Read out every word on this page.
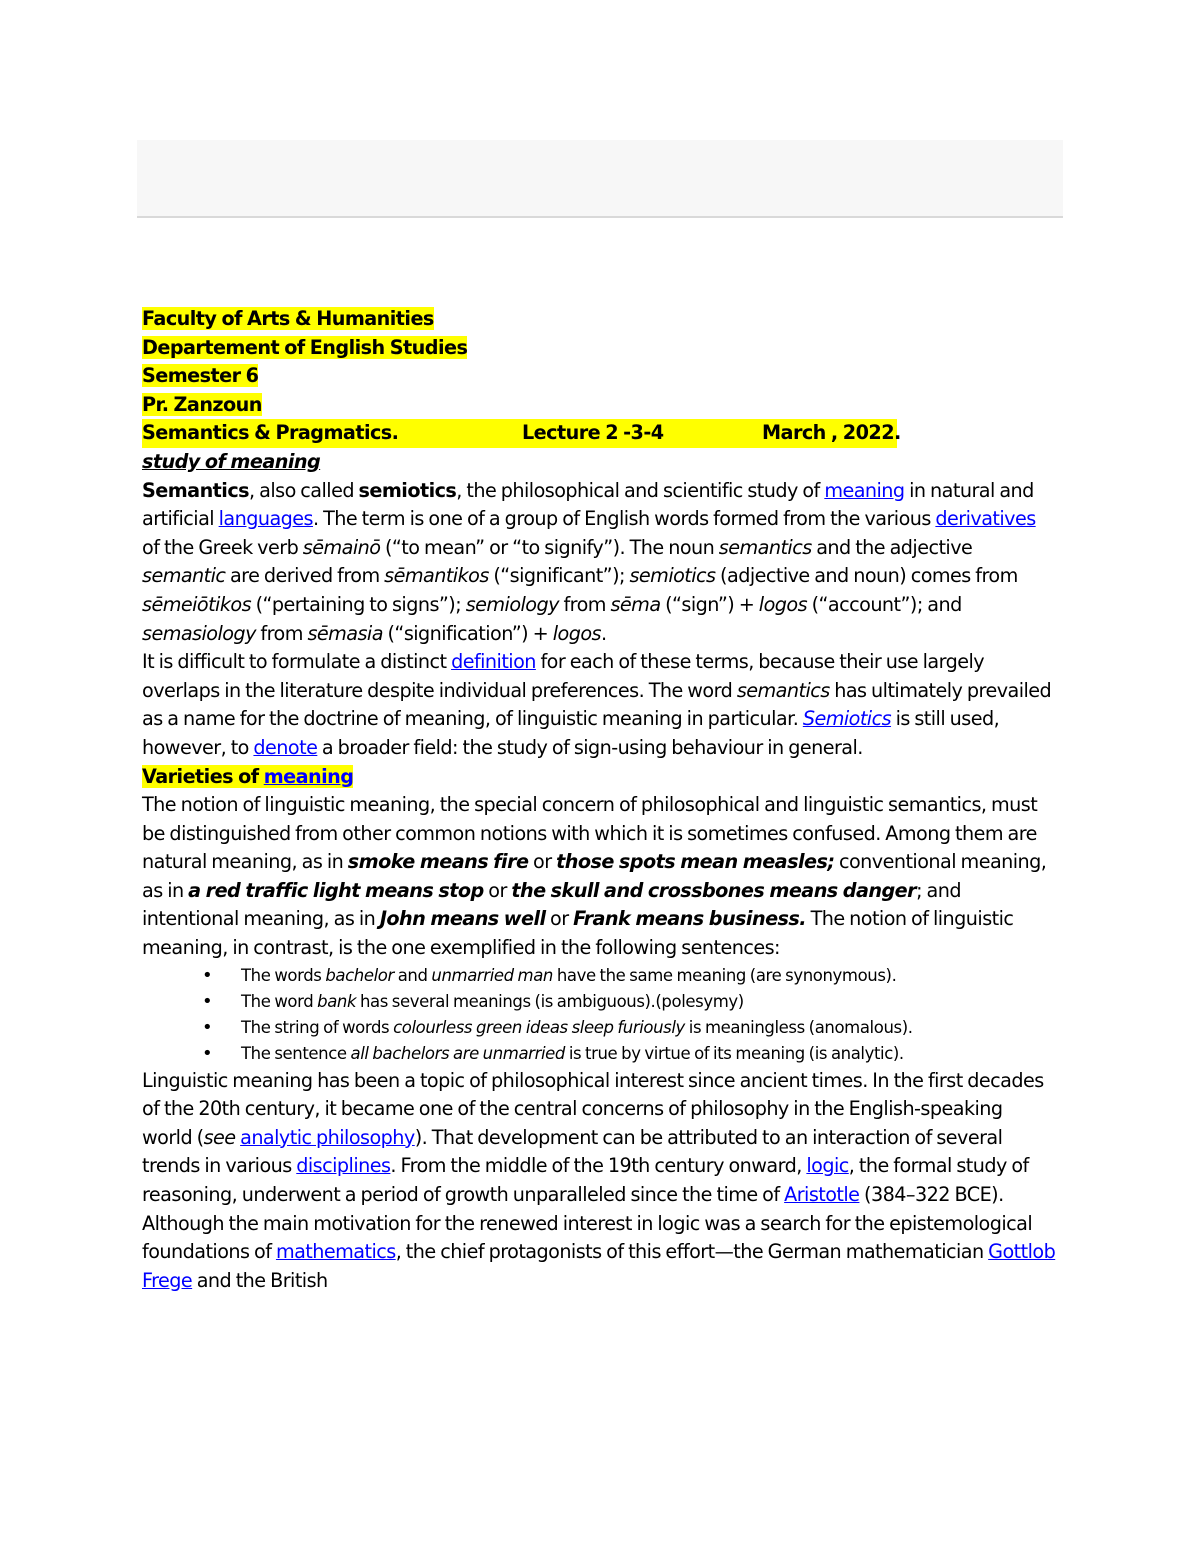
Faculty of Arts & Humanities
Departement of English Studies
Semester 6
Pr. Zanzoun
Semantics & Pragmatics.	Lecture 2 -3-4	March , 2022.
study of meaning

Semantics, also called semiotics, the philosophical and scientific study of meaning in natural and artificial languages. The term is one of a group of English words formed from the various derivatives of the Greek verb sēmainō (“to mean” or “to signify”). The noun semantics and the adjective semantic are derived from sēmantikos (“significant”); semiotics (adjective and noun) comes from sēmeiōtikos (“pertaining to signs”); semiology from sēma (“sign”) + logos (“account”); and semasiology from sēmasia (“signification”) + logos.

It is difficult to formulate a distinct definition for each of these terms, because their use largely overlaps in the literature despite individual preferences. The word semantics has ultimately prevailed as a name for the doctrine of meaning, of linguistic meaning in particular. Semiotics is still used, however, to denote a broader field: the study of sign-using behaviour in general.

Varieties of meaning

The notion of linguistic meaning, the special concern of philosophical and linguistic semantics, must be distinguished from other common notions with which it is sometimes confused. Among them are natural meaning, as in smoke means fire or those spots mean measles; conventional meaning, as in a red traffic light means stop or the skull and crossbones means danger; and intentional meaning, as in John means well or Frank means business. The notion of linguistic meaning, in contrast, is the one exemplified in the following sentences:

• The words bachelor and unmarried man have the same meaning (are synonymous).
• The word bank has several meanings (is ambiguous).(polesymy)
• The string of words colourless green ideas sleep furiously is meaningless (anomalous).
• The sentence all bachelors are unmarried is true by virtue of its meaning (is analytic).

Linguistic meaning has been a topic of philosophical interest since ancient times. In the first decades of the 20th century, it became one of the central concerns of philosophy in the English-speaking world (see analytic philosophy). That development can be attributed to an interaction of several trends in various disciplines. From the middle of the 19th century onward, logic, the formal study of reasoning, underwent a period of growth unparalleled since the time of Aristotle (384–322 BCE). Although the main motivation for the renewed interest in logic was a search for the epistemological foundations of mathematics, the chief protagonists of this effort—the German mathematician Gottlob Frege and the British
